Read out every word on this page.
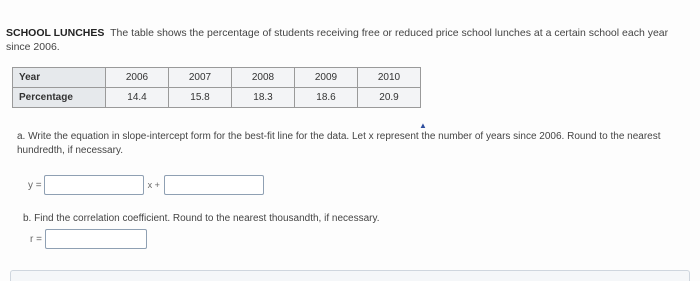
SCHOOL LUNCHES The table shows the percentage of students receiving free or reduced price school lunches at a certain school each year since 2006.
Year	2006	2007	2008	2009	2010
Percentage	14.4	15.8	18.3	18.6	20.9
▲
a. Write the equation in slope-intercept form for the best-fit line for the data. Let x represent the number of years since 2006. Round to the nearest hundredth, if necessary.
y =	x +
b. Find the correlation coefficient. Round to the nearest thousandth, if necessary.
r =
